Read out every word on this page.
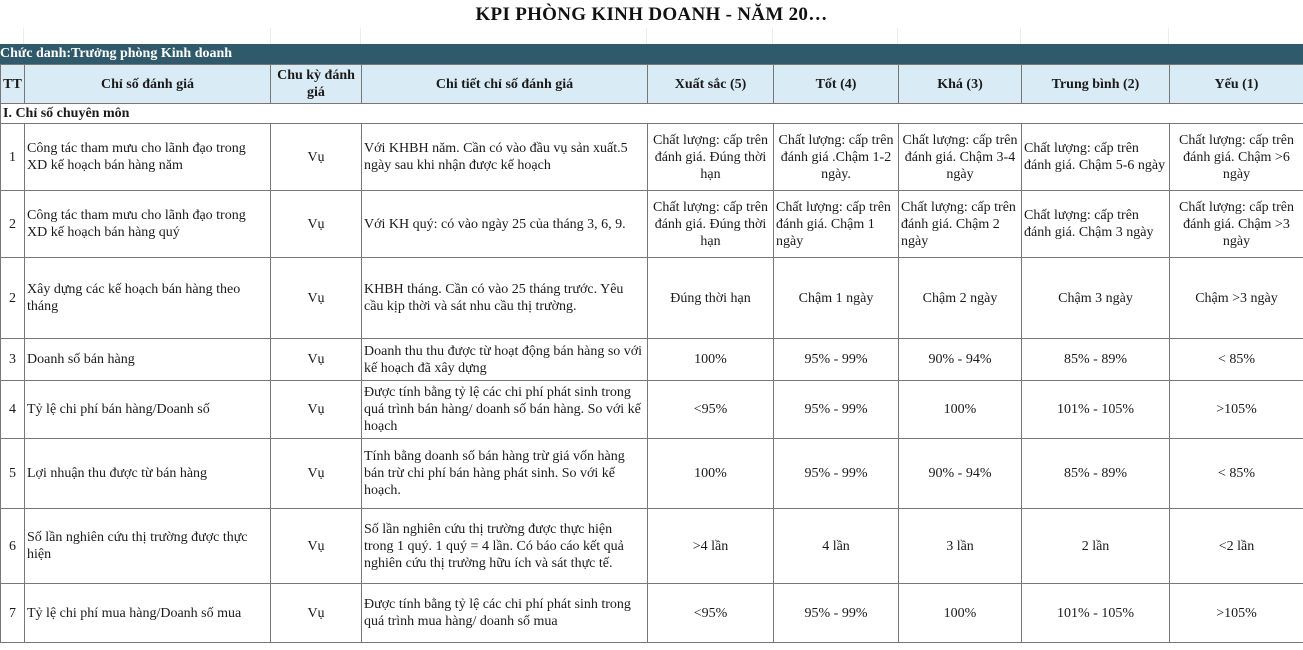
KPI PHÒNG KINH DOANH - NĂM 20…
Chức danh:Trưởng phòng Kinh doanh
TT	Chỉ số đánh giá	Chu kỳ đánh giá	Chi tiết chỉ số đánh giá	Xuất sắc (5)	Tốt (4)	Khá (3)	Trung bình (2)	Yếu (1)
I. Chỉ số chuyên môn								
1	Công tác tham mưu cho lãnh đạo trong XD kế hoạch bán hàng năm	Vụ	Với KHBH năm. Cần có vào đầu vụ sản xuất.5 ngày sau khi nhận được kế hoạch	Chất lượng: cấp trên đánh giá. Đúng thời hạn	Chất lượng: cấp trên đánh giá .Chậm 1-2 ngày.	Chất lượng: cấp trên đánh giá. Chậm 3-4 ngày	Chất lượng: cấp trên đánh giá. Chậm 5-6 ngày	Chất lượng: cấp trên đánh giá. Chậm >6 ngày
2	Công tác tham mưu cho lãnh đạo trong XD kế hoạch bán hàng quý	Vụ	Với KH quý: có vào ngày 25 của tháng 3, 6, 9.	Chất lượng: cấp trên đánh giá. Đúng thời hạn	Chất lượng: cấp trên đánh giá. Chậm 1 ngày	Chất lượng: cấp trên đánh giá. Chậm 2 ngày	Chất lượng: cấp trên đánh giá. Chậm 3 ngày	Chất lượng: cấp trên đánh giá. Chậm >3 ngày
2	Xây dựng các kế hoạch bán hàng theo tháng	Vụ	KHBH tháng. Cần có vào 25 tháng trước. Yêu cầu kịp thời và sát nhu cầu thị trường.	Đúng thời hạn	Chậm 1 ngày	Chậm 2 ngày	Chậm 3 ngày	Chậm >3 ngày
3	Doanh số bán hàng	Vụ	Doanh thu thu được từ hoạt động bán hàng so với kế hoạch đã xây dựng	100%	95% - 99%	90% - 94%	85% - 89%	< 85%
4	Tỷ lệ chi phí bán hàng/Doanh số	Vụ	Được tính bằng tỷ lệ các chi phí phát sinh trong quá trình bán hàng/ doanh số bán hàng. So với kế hoạch	<95%	95% - 99%	100%	101% - 105%	>105%
5	Lợi nhuận thu được từ bán hàng	Vụ	Tính bằng doanh số bán hàng trừ giá vốn hàng bán trừ chi phí bán hàng phát sinh. So với kế hoạch.	100%	95% - 99%	90% - 94%	85% - 89%	< 85%
6	Số lần nghiên cứu thị trường được thực hiện	Vụ	Số lần nghiên cứu thị trường được thực hiện trong 1 quý. 1 quý = 4 lần. Có báo cáo kết quả nghiên cứu thị trường hữu ích và sát thực tế.	>4 lần	4 lần	3 lần	2 lần	<2 lần
7	Tỷ lệ chi phí mua hàng/Doanh số mua	Vụ	Được tính bằng tỷ lệ các chi phí phát sinh trong quá trình mua hàng/ doanh số mua	<95%	95% - 99%	100%	101% - 105%	>105%
